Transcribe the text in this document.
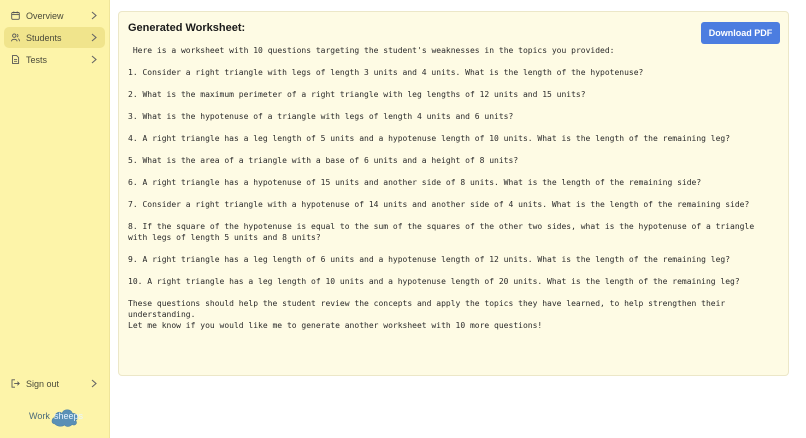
Overview
Students
Tests
Sign out
Work sheeps
Generated Worksheet:	Download PDF
Here is a worksheet with 10 questions targeting the student's weaknesses in the topics you provided:
1. Consider a right triangle with legs of length 3 units and 4 units. What is the length of the hypotenuse?
2. What is the maximum perimeter of a right triangle with leg lengths of 12 units and 15 units?
3. What is the hypotenuse of a triangle with legs of length 4 units and 6 units?
4. A right triangle has a leg length of 5 units and a hypotenuse length of 10 units. What is the length of the remaining leg?
5. What is the area of a triangle with a base of 6 units and a height of 8 units?
6. A right triangle has a hypotenuse of 15 units and another side of 8 units. What is the length of the remaining side?
7. Consider a right triangle with a hypotenuse of 14 units and another side of 4 units. What is the length of the remaining side?
8. If the square of the hypotenuse is equal to the sum of the squares of the other two sides, what is the hypotenuse of a triangle with legs of length 5 units and 8 units?
9. A right triangle has a leg length of 6 units and a hypotenuse length of 12 units. What is the length of the remaining leg?
10. A right triangle has a leg length of 10 units and a hypotenuse length of 20 units. What is the length of the remaining leg?
These questions should help the student review the concepts and apply the topics they have learned, to help strengthen their understanding.
Let me know if you would like me to generate another worksheet with 10 more questions!
